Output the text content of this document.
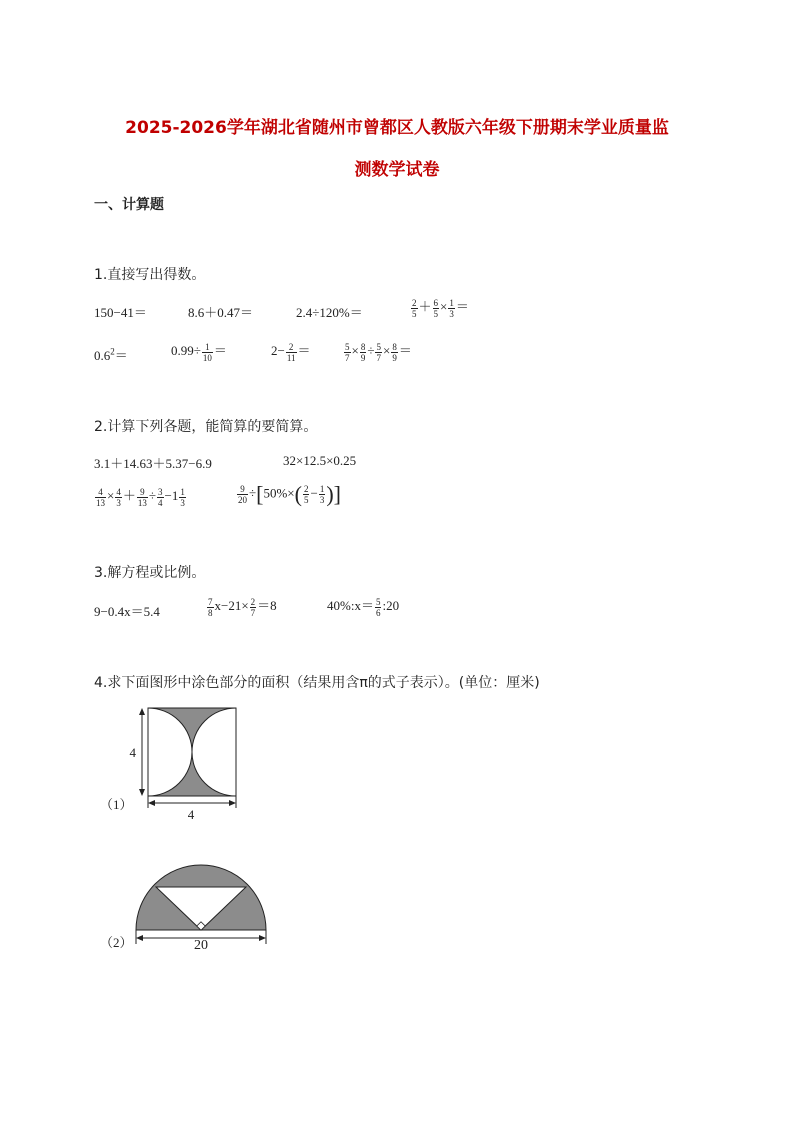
2025-2026学年湖北省随州市曾都区人教版六年级下册期末学业质量监
测数学试卷
一、计算题
1.直接写出得数。
150−41＝	8.6＋0.47＝	2.4÷120%＝	$\frac{2}{5} + \frac{6}{5} \times \frac{1}{3}$ ＝
$0.6^2=$	$0.99\div \frac{1}{10}$ ＝	$2- \frac{2}{11}$ ＝	$\frac{5}{7} \times \frac{8}{9} \div \frac{5}{7} \times \frac{8}{9}$ ＝
2.计算下列各题，能简算的要简算。
3.1＋14.63＋5.37−6.9	32×12.5×0.25
$\frac{4}{13} \times \frac{4}{3} + \frac{9}{13} \div \frac{3}{4} -1 \frac{1}{3}$	$\frac{9}{20} \div[50\%\times( \frac{2}{5} - \frac{1}{3}$ )]
3.解方程或比例。
9−0.4x＝5.4	$\frac{7}{8} x-21\times \frac{2}{7} =8$	40%:x＝ $\frac{5}{6}$ :20
4.求下面图形中涂色部分的面积（结果用含π的式子表示）。(单位：厘米)
4
4
（1）
20
（2）
